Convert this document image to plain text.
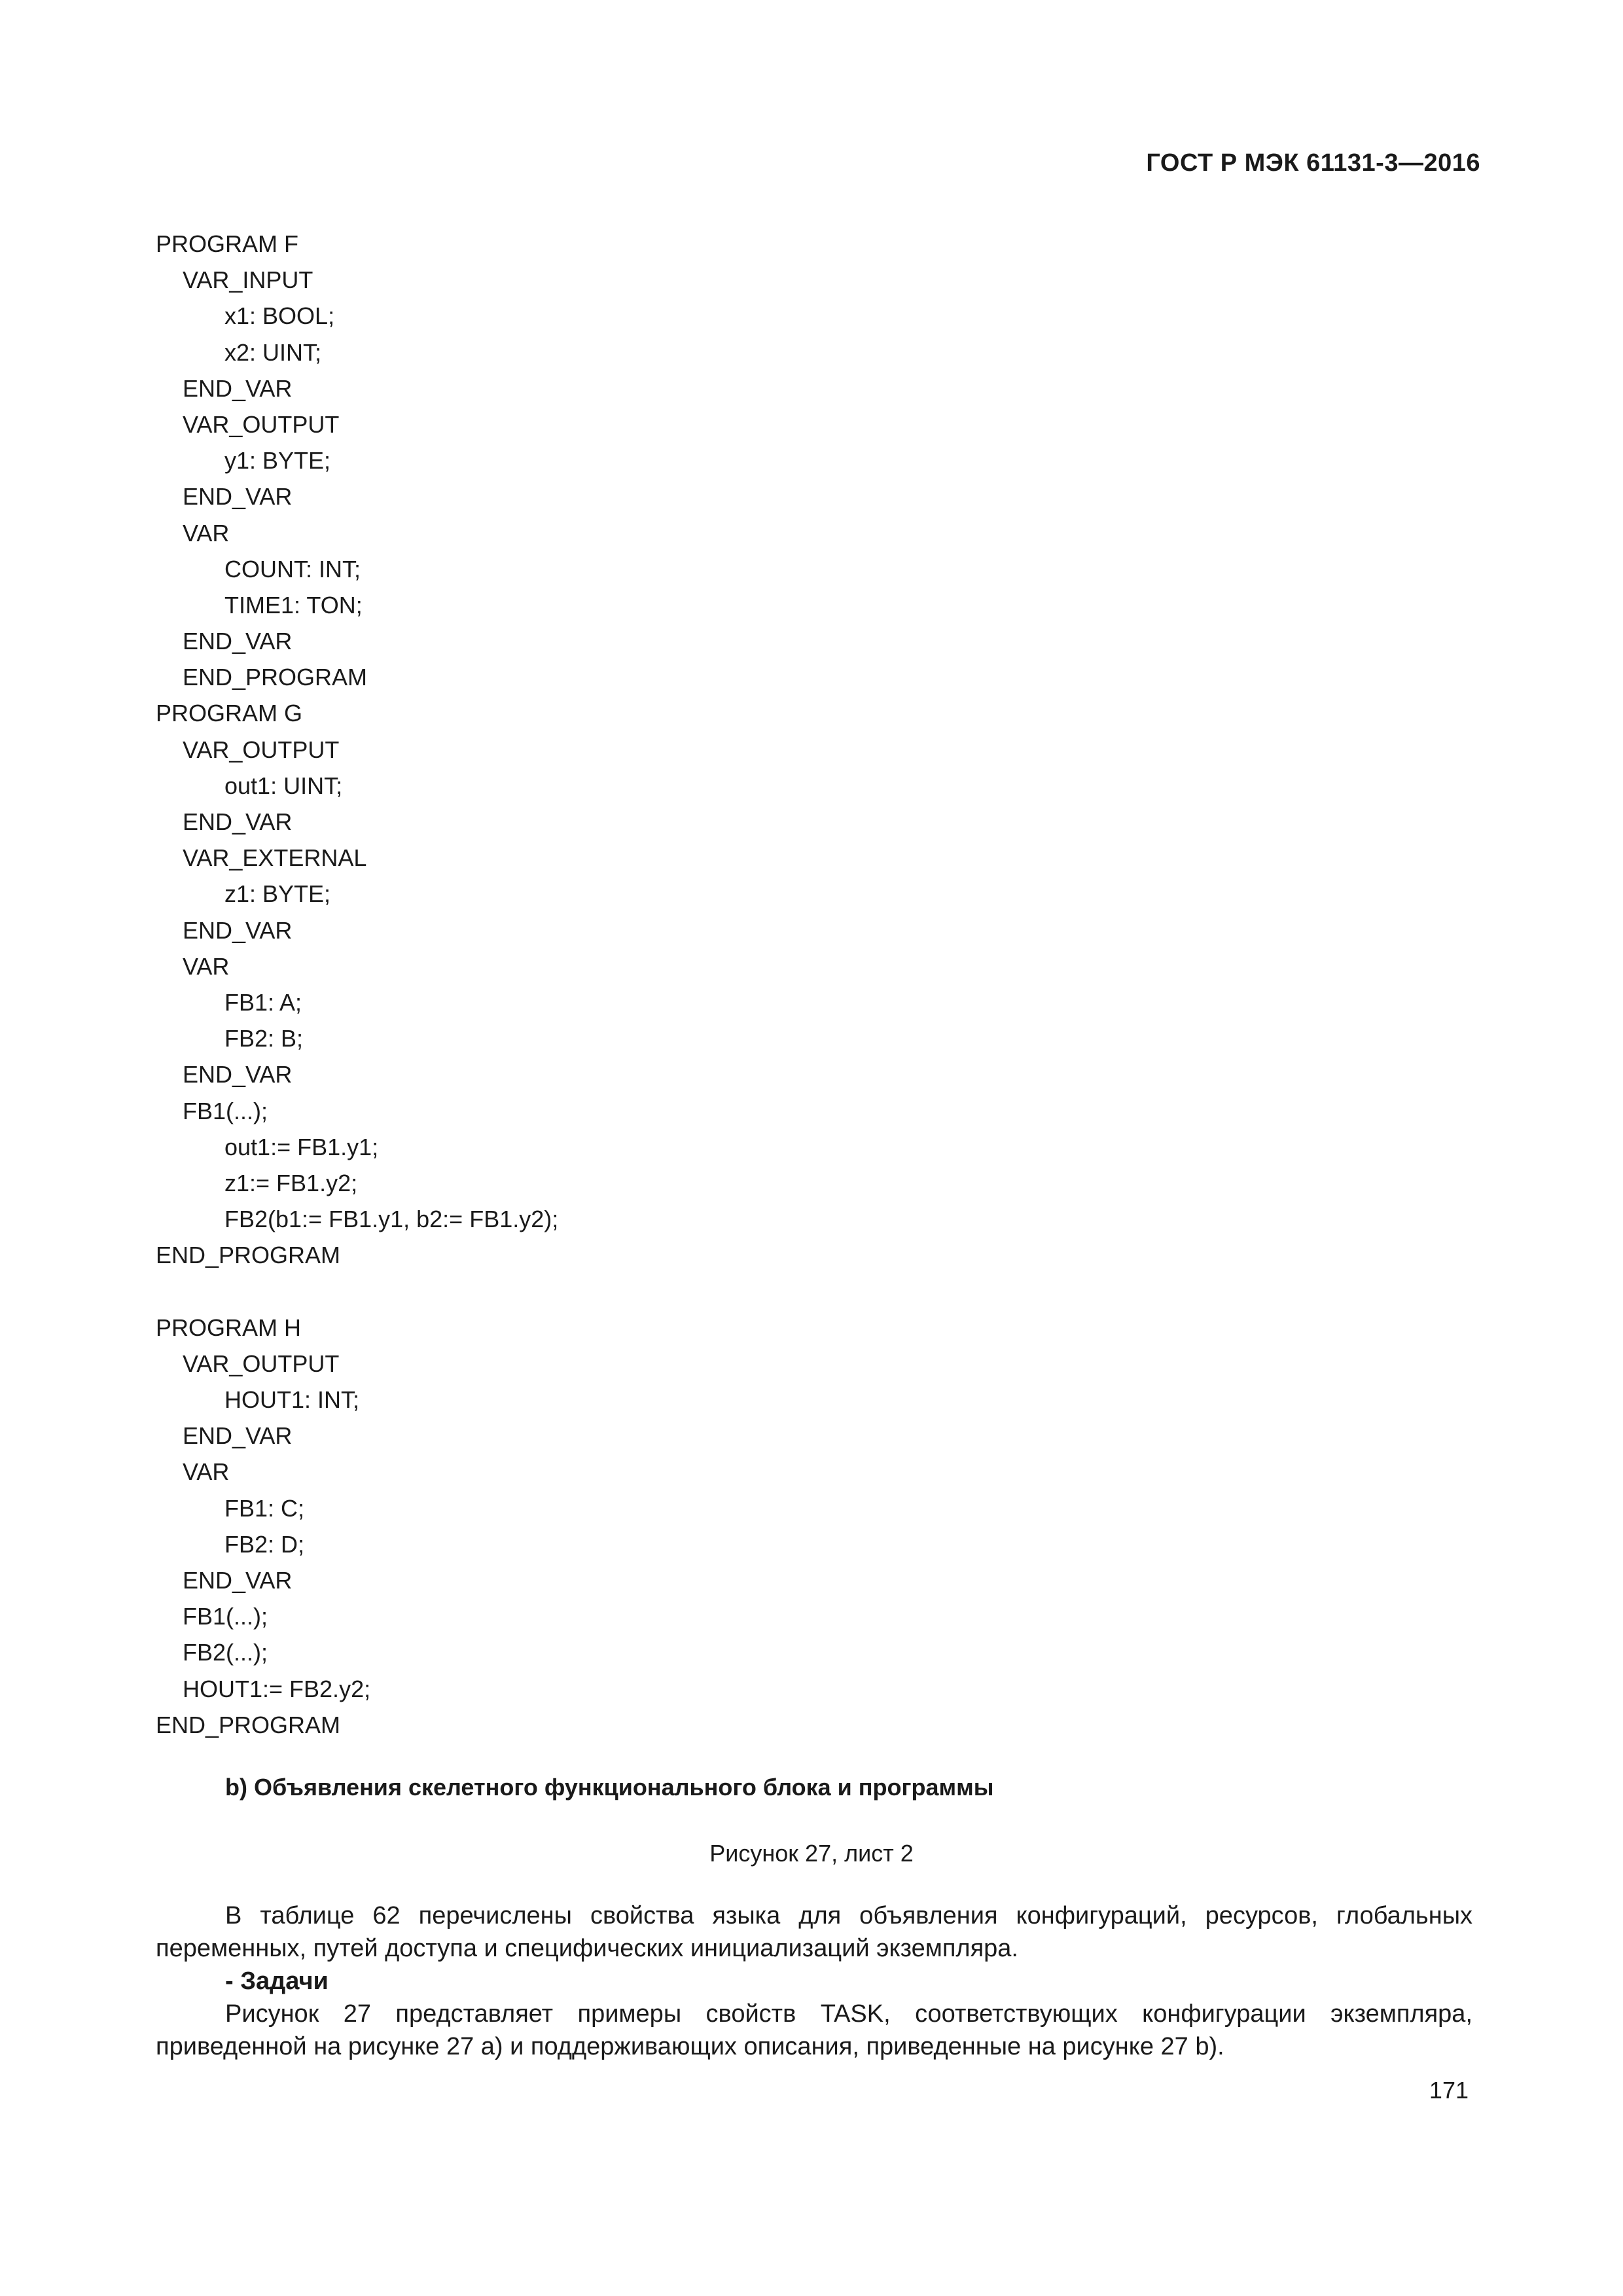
ГОСТ Р МЭК 61131-3—2016
PROGRAM F
VAR_INPUT
x1: BOOL;
x2: UINT;
END_VAR
VAR_OUTPUT
y1: BYTE;
END_VAR
VAR
COUNT: INT;
TIME1: TON;
END_VAR
END_PROGRAM
PROGRAM G
VAR_OUTPUT
out1: UINT;
END_VAR
VAR_EXTERNAL
z1: BYTE;
END_VAR
VAR
FB1: A;
FB2: B;
END_VAR
FB1(...);
out1:= FB1.y1;
z1:= FB1.y2;
FB2(b1:= FB1.y1, b2:= FB1.y2);
END_PROGRAM
PROGRAM H
VAR_OUTPUT
HOUT1: INT;
END_VAR
VAR
FB1: C;
FB2: D;
END_VAR
FB1(...);
FB2(...);
HOUT1:= FB2.y2;
END_PROGRAM
b) Объявления скелетного функционального блока и программы
Рисунок 27, лист 2

В таблице 62 перечислены свойства языка для объявления конфигураций, ресурсов, глобальных переменных, путей доступа и специфических инициализаций экземпляра.

- Задачи

Рисунок 27 представляет примеры свойств TASK, соответствующих конфигурации экземпляра, приведенной на рисунке 27 a) и поддерживающих описания, приведенные на рисунке 27 b).

171
